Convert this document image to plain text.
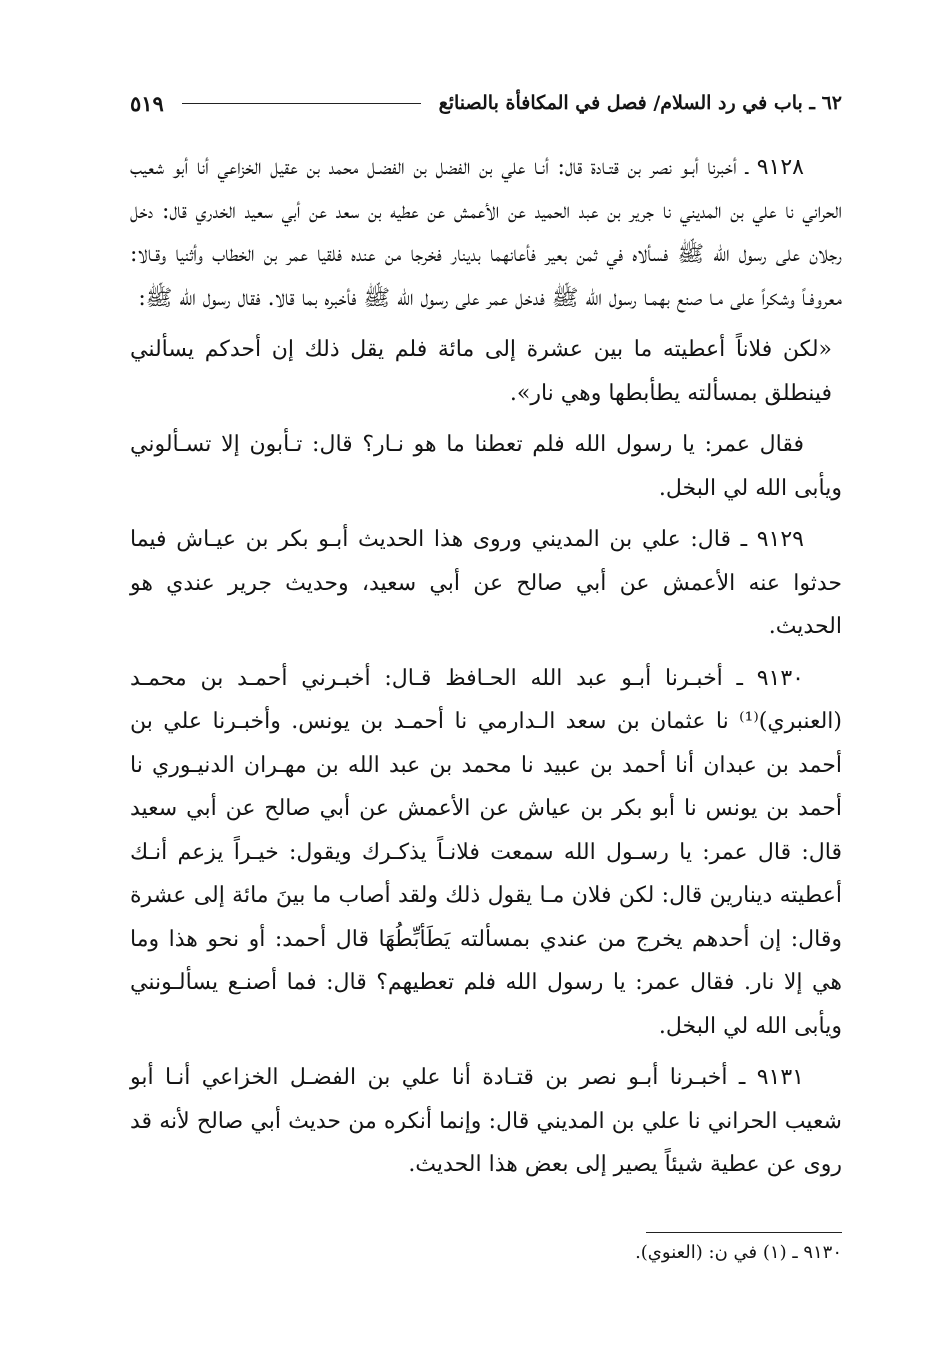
٦٢ ـ باب في رد السلام/ فصل في المكافأة بالصنائع
٥١٩

٩١٢٨ ـ أخبرنا أبـو نصر بن قتـادة قال: أنـا علي بن الفضل بن الفضـل محمد بن عقيل الخزاعي أنا أبو شعيب الحراني نا علي بن المديني نا جرير بن عبد الحميد عن الأعمش عن عطيه بن سعد عن أبي سعيد الخدري قال: دخل رجلان على رسول الله ﷺ فسألاه في ثمن بعير فأعانهما بدينار فخرجا من عنده فلقيا عمر بن الخطاب وأثنيا وقـالا: معروفـاً وشكراً على مـا صنع بهمـا رسول الله ﷺ فدخل عمر على رسول الله ﷺ فأخبره بما قالا. فقال رسول الله ﷺ:

«لكن فلاناً أعطيته ما بين عشرة إلى مائة فلم يقل ذلك إن أحدكم يسألني فينطلق بمسألته يطأبطها وهي نار».

فقال عمر: يا رسول الله فلم تعطنا ما هو نـار؟ قال: تـأبون إلا تسـألوني ويأبى الله لي البخل.

٩١٢٩ ـ قال: علي بن المديني وروى هذا الحديث أبـو بكر بن عيـاش فيما حدثوا عنه الأعمش عن أبي صالح عن أبي سعيد، وحديث جرير عندي هو الحديث.

٩١٣٠ ـ أخبـرنا أبـو عبد الله الحـافظ قـال: أخبـرني أحمـد بن محمـد (العنبري)⁽¹⁾ نا عثمان بن سعد الـدارمي نا أحمـد بن يونس. وأخبـرنا علي بن أحمد بن عبدان أنا أحمد بن عبيد نا محمد بن عبد الله بن مهـران الدنيـوري نا أحمد بن يونس نا أبو بكر بن عياش عن الأعمش عن أبي صالح عن أبي سعيد قال: قال عمر: يا رسـول الله سمعت فلانـاً يذكـرك ويقول: خيـراً يزعم أنـك أعطيته دينارين قال: لكن فلان مـا يقول ذلك ولقد أصاب ما بينَ مائة إلى عشرة وقال: إن أحدهم يخرج من عندي بمسألته يَطَأبِّطُهَا قال أحمد: أو نحو هذا وما هي إلا نار. فقال عمر: يا رسول الله فلم تعطيهم؟ قال: فما أصنـع يسألـونني ويأبى الله لي البخل.

٩١٣١ ـ أخبـرنا أبـو نصر بن قتـادة أنا علي بن الفضـل الخزاعي أنـا أبو شعيب الحراني نا علي بن المديني قال: وإنما أنكره من حديث أبي صالح لأنه قد روى عن عطية شيئاً يصير إلى بعض هذا الحديث.

٩١٣٠ ـ (١) في ن: (العنوي).
